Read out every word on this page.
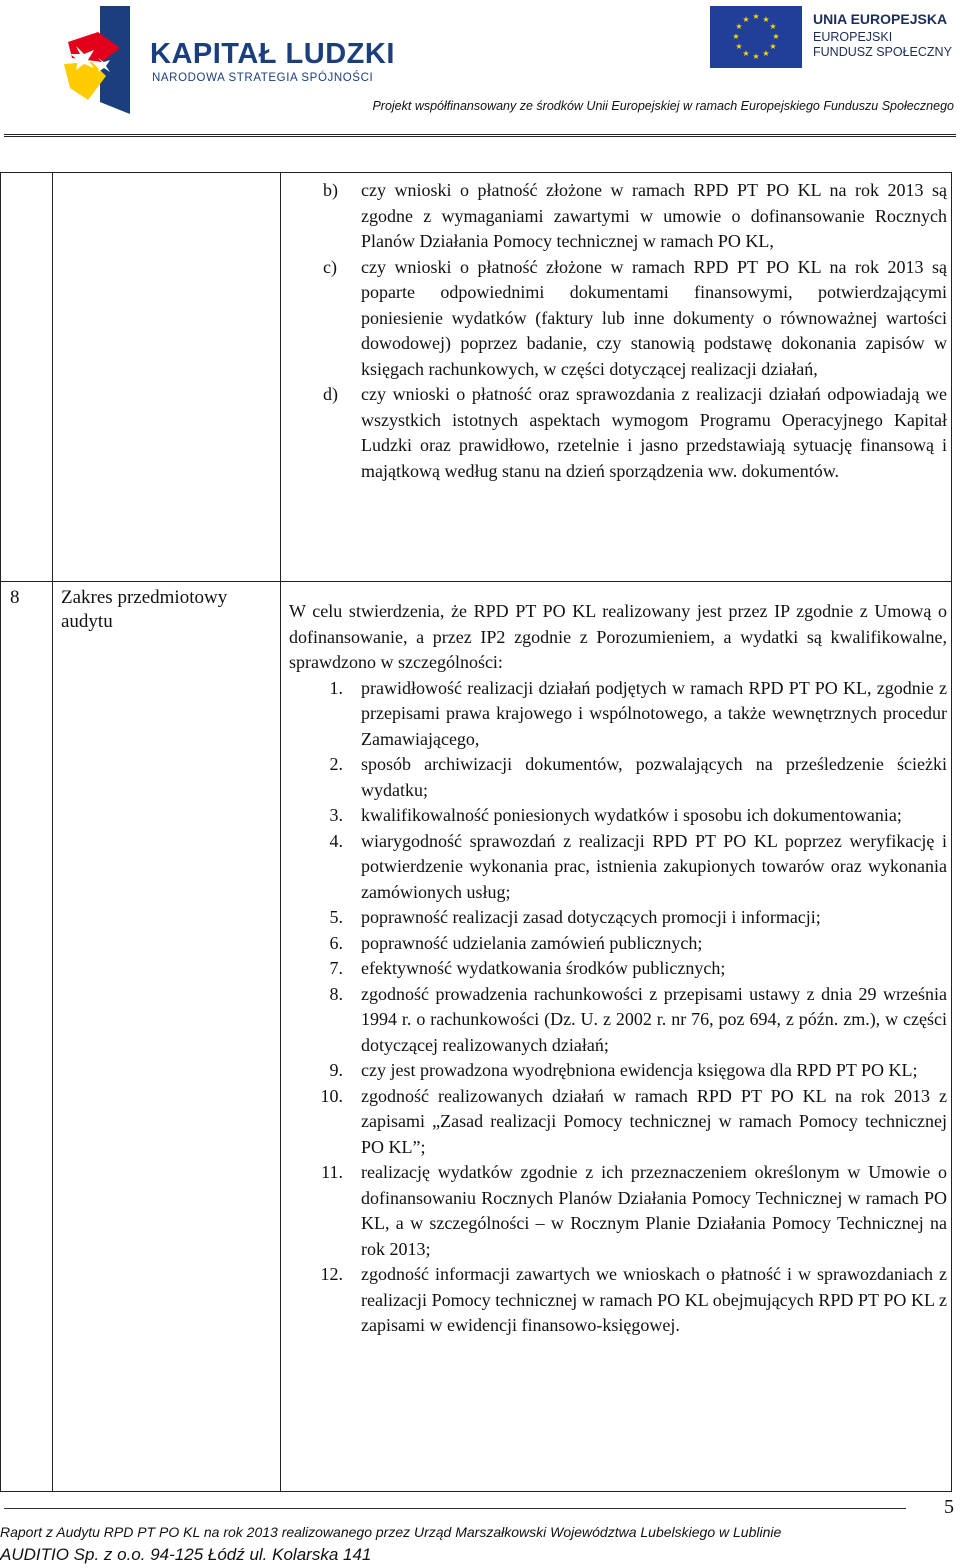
KAPITAŁ LUDZKI
NARODOWA STRATEGIA SPÓJNOŚCI
★ ★
★
★
★
★
★
★
★
★
★
★	UNIA EUROPEJSKA
EUROPEJSKI
FUNDUSZ SPOŁECZNY
Projekt współfinansowany ze środków Unii Europejskiej w ramach Europejskiego Funduszu Społecznego
b) czy wnioski o płatność złożone w ramach RPD PT PO KL na rok 2013 są zgodne z wymaganiami zawartymi w umowie o dofinansowanie Rocznych Planów Działania Pomocy technicznej w ramach PO KL,
c) czy wnioski o płatność złożone w ramach RPD PT PO KL na rok 2013 są poparte odpowiednimi dokumentami finansowymi, potwierdzającymi poniesienie wydatków (faktury lub inne dokumenty o równoważnej wartości dowodowej) poprzez badanie, czy stanowią podstawę dokonania zapisów w księgach rachunkowych, w części dotyczącej realizacji działań,
d) czy wnioski o płatność oraz sprawozdania z realizacji działań odpowiadają we wszystkich istotnych aspektach wymogom Programu Operacyjnego Kapitał Ludzki oraz prawidłowo, rzetelnie i jasno przedstawiają sytuację finansową i majątkową według stanu na dzień sporządzenia ww. dokumentów.
8 Zakres przedmiotowy audytu	W celu stwierdzenia, że RPD PT PO KL realizowany jest przez IP zgodnie z Umową o dofinansowanie, a przez IP2 zgodnie z Porozumieniem, a wydatki są kwalifikowalne, sprawdzono w szczególności:
1. prawidłowość realizacji działań podjętych w ramach RPD PT PO KL, zgodnie z przepisami prawa krajowego i wspólnotowego, a także wewnętrznych procedur Zamawiającego,
2. sposób archiwizacji dokumentów, pozwalających na prześledzenie ścieżki wydatku;
3. kwalifikowalność poniesionych wydatków i sposobu ich dokumentowania;
4. wiarygodność sprawozdań z realizacji RPD PT PO KL poprzez weryfikację i potwierdzenie wykonania prac, istnienia zakupionych towarów oraz wykonania zamówionych usług;
5. poprawność realizacji zasad dotyczących promocji i informacji;
6. poprawność udzielania zamówień publicznych;
7. efektywność wydatkowania środków publicznych;
8. zgodność prowadzenia rachunkowości z przepisami ustawy z dnia 29 września 1994 r. o rachunkowości (Dz. U. z 2002 r. nr 76, poz 694, z późn. zm.), w części dotyczącej realizowanych działań;
9. czy jest prowadzona wyodrębniona ewidencja księgowa dla RPD PT PO KL;
10. zgodność realizowanych działań w ramach RPD PT PO KL na rok 2013 z zapisami „Zasad realizacji Pomocy technicznej w ramach Pomocy technicznej PO KL”;
11. realizację wydatków zgodnie z ich przeznaczeniem określonym w Umowie o dofinansowaniu Rocznych Planów Działania Pomocy Technicznej w ramach PO KL, a w szczególności – w Rocznym Planie Działania Pomocy Technicznej na rok 2013;
12. zgodność informacji zawartych we wnioskach o płatność i w sprawozdaniach z realizacji Pomocy technicznej w ramach PO KL obejmujących RPD PT PO KL z zapisami w ewidencji finansowo-księgowej.
5
Raport z Audytu RPD PT PO KL na rok 2013 realizowanego przez Urząd Marszałkowski Województwa Lubelskiego w Lublinie
AUDITIO Sp. z o.o. 94-125 Łódź ul. Kolarska 141
